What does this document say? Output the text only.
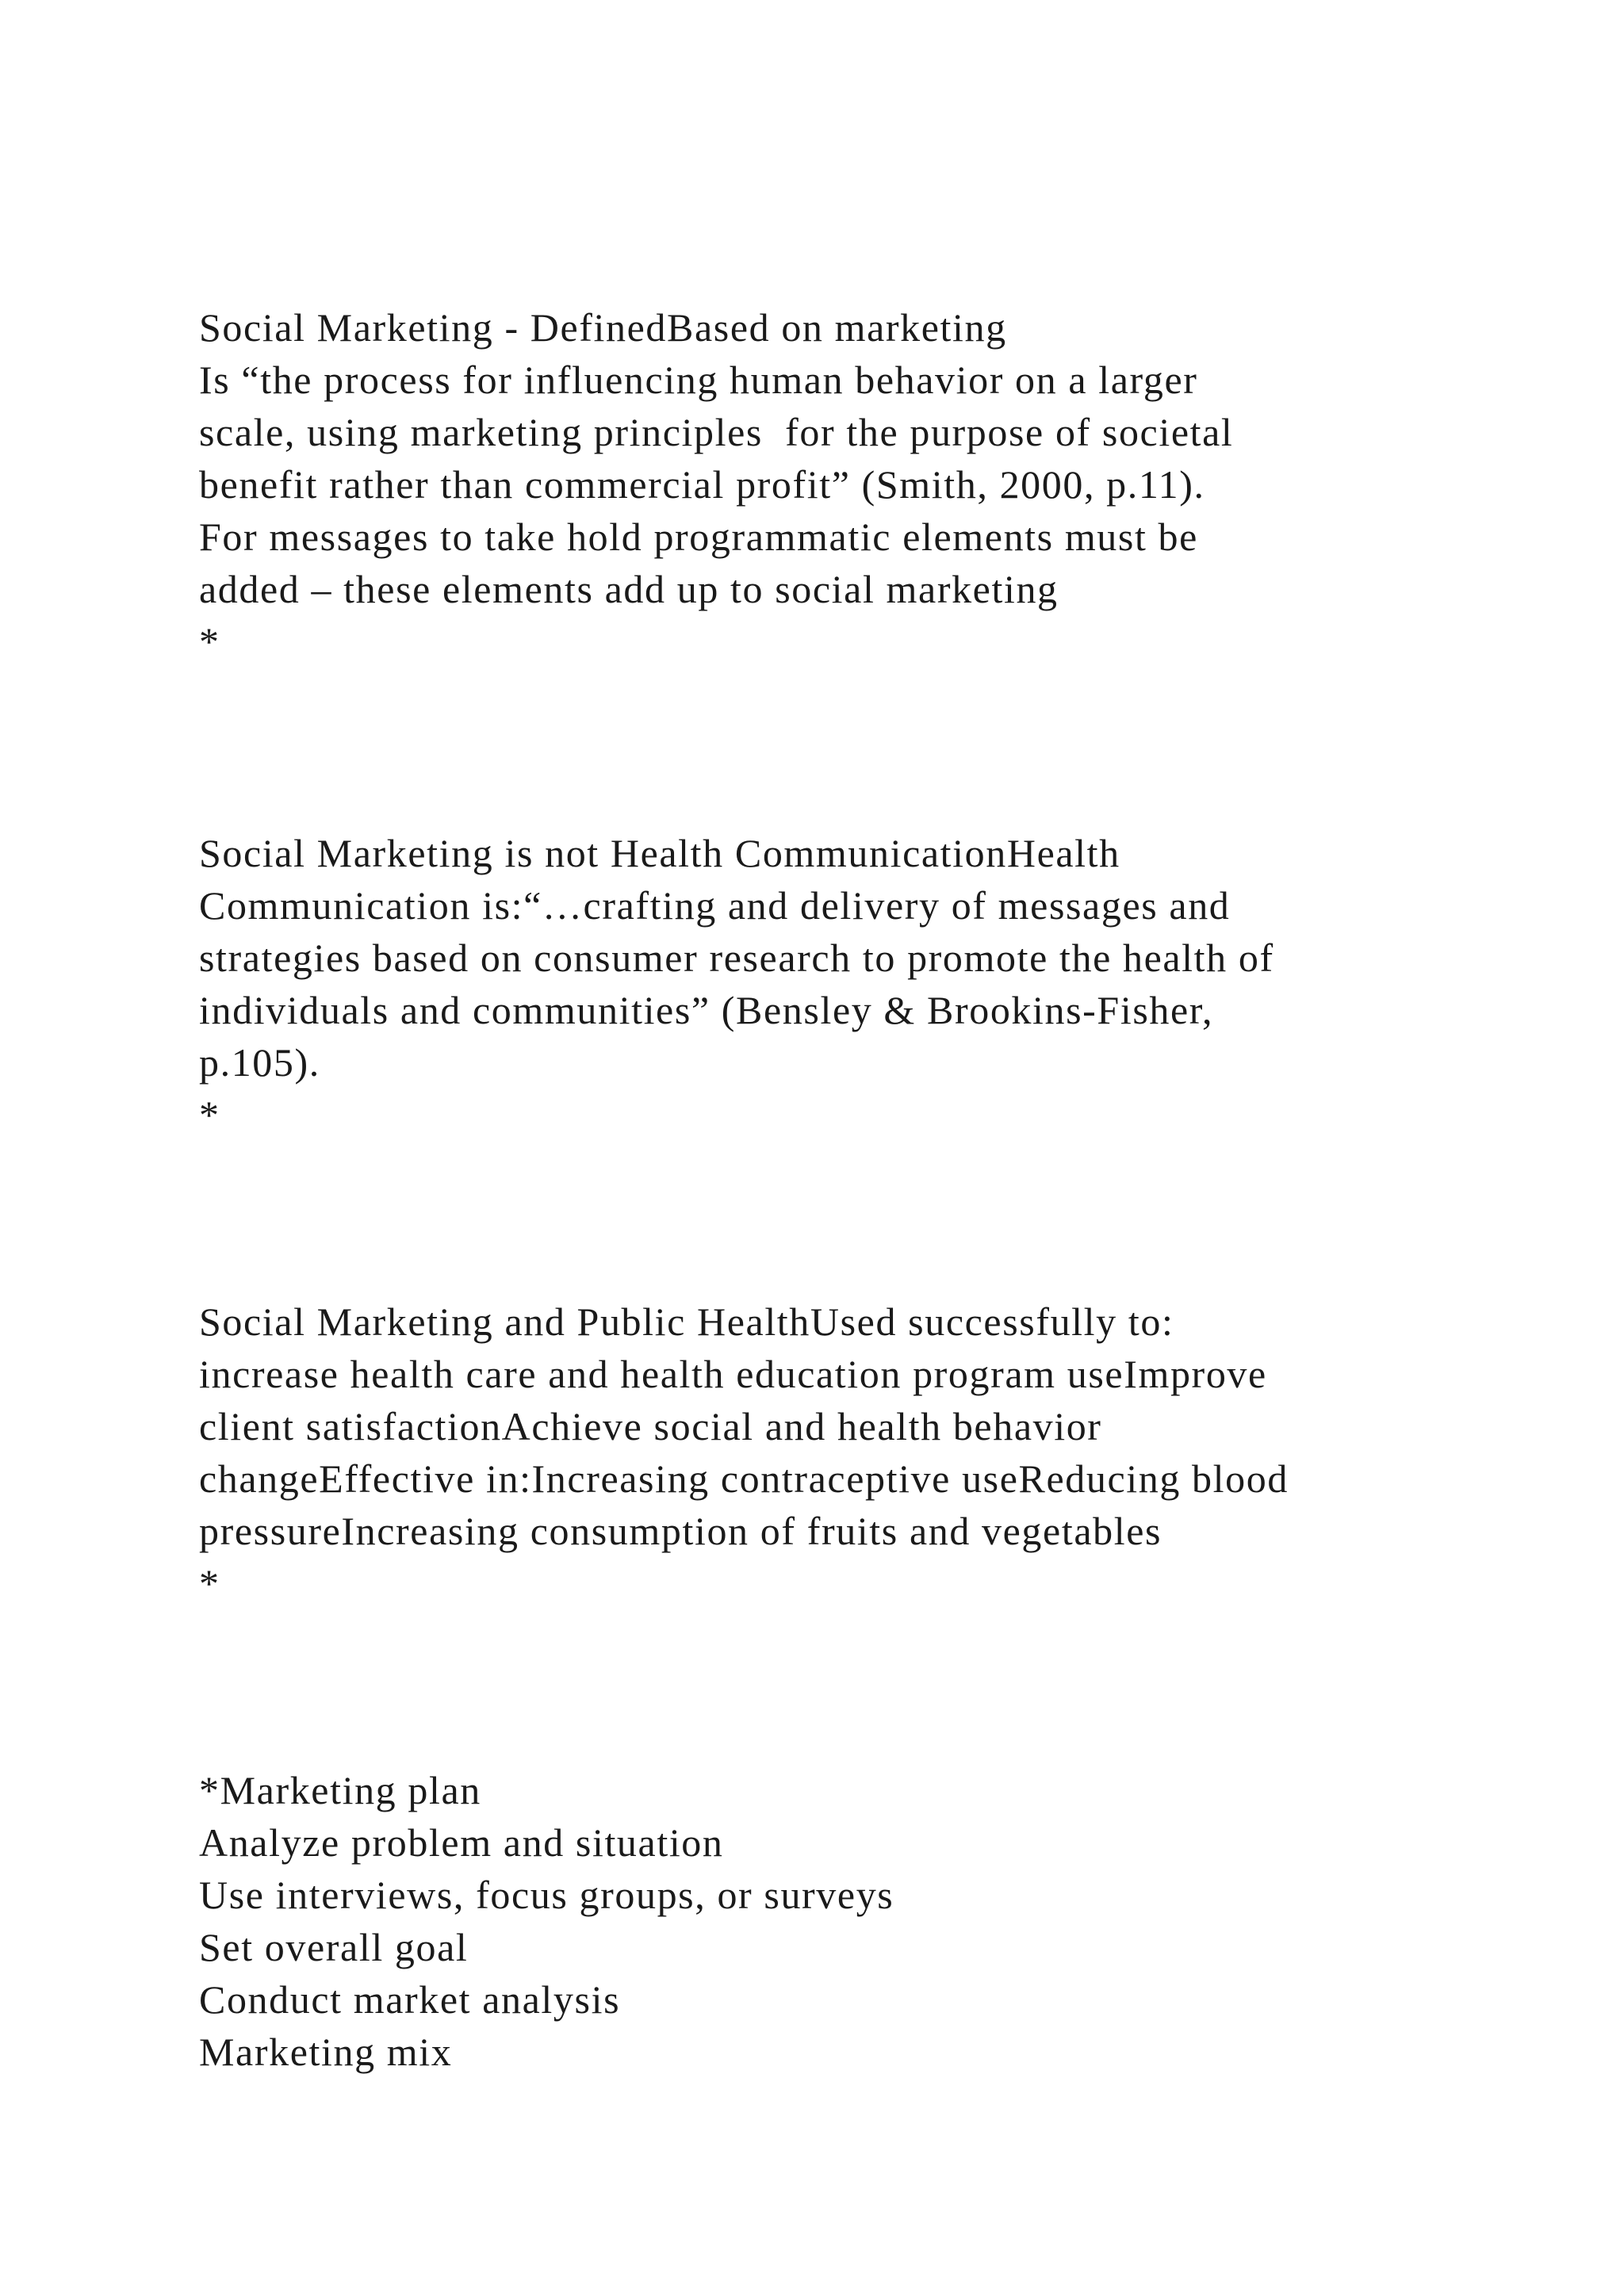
Social Marketing - DefinedBased on marketing
Is “the process for influencing human behavior on a larger
scale, using marketing principles  for the purpose of societal
benefit rather than commercial profit” (Smith, 2000, p.11).
For messages to take hold programmatic elements must be
added – these elements add up to social marketing
*
Social Marketing is not Health CommunicationHealth
Communication is:“…crafting and delivery of messages and
strategies based on consumer research to promote the health of
individuals and communities” (Bensley & Brookins-Fisher,
p.105).
*
Social Marketing and Public HealthUsed successfully to:
increase health care and health education program useImprove
client satisfactionAchieve social and health behavior
changeEffective in:Increasing contraceptive useReducing blood
pressureIncreasing consumption of fruits and vegetables
*
*Marketing plan
Analyze problem and situation
Use interviews, focus groups, or surveys
Set overall goal
Conduct market analysis
Marketing mix
